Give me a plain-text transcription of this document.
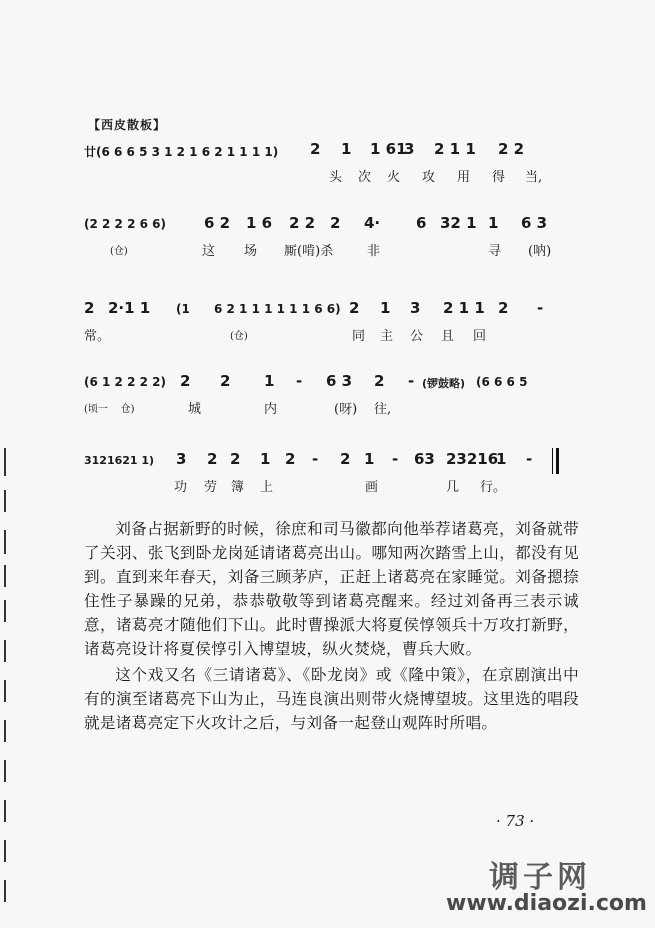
【西皮散板】
廿(6 6 6 5 3 1 2 1 6 2 1 1 1 1) 2 1 1 61
3 2 1 1 2 2
头 次 火 攻 用 得 当,
(2 2 2 2 6 6)	6 2 1 6 2 2 2 4· 6 32 1 1 6 3
(仓)	这 场 厮(啃)杀	非	寻 (呐)
2 2·1 1 (1 6 2 1 1 1 1 1 1 6 6) 2 1 3 2 1 1 2 -
常。	(仓)	同 主 公 且 回
(6 1 2 2 2 2) 2 2 1 - 6 3 2 - (锣鼓略) (6 6 6 5
(顷一    仓)	城	内	(呀) 往,
3121621 1) 3 2 2 1 2 - 2 1 - 63 23216
1 -
功 劳 簿 上	画	几 行。

刘备占据新野的时候，徐庶和司马徽都向他举荐诸葛亮，刘备就带了关羽、张飞到卧龙岗延请诸葛亮出山。哪知两次踏雪上山，都没有见到。直到来年春天，刘备三顾茅庐，正赶上诸葛亮在家睡觉。刘备摁捺住性子暴躁的兄弟，恭恭敬敬等到诸葛亮醒来。经过刘备再三表示诚意，诸葛亮才随他们下山。此时曹操派大将夏侯惇领兵十万攻打新野，诸葛亮设计将夏侯惇引入博望坡，纵火焚烧，曹兵大败。

这个戏又名《三请诸葛》、《卧龙岗》或《隆中策》，在京剧演出中有的演至诸葛亮下山为止，马连良演出则带火烧博望坡。这里选的唱段就是诸葛亮定下火攻计之后，与刘备一起登山观阵时所唱。

· 73 ·
调子网
www.diaozi.com
